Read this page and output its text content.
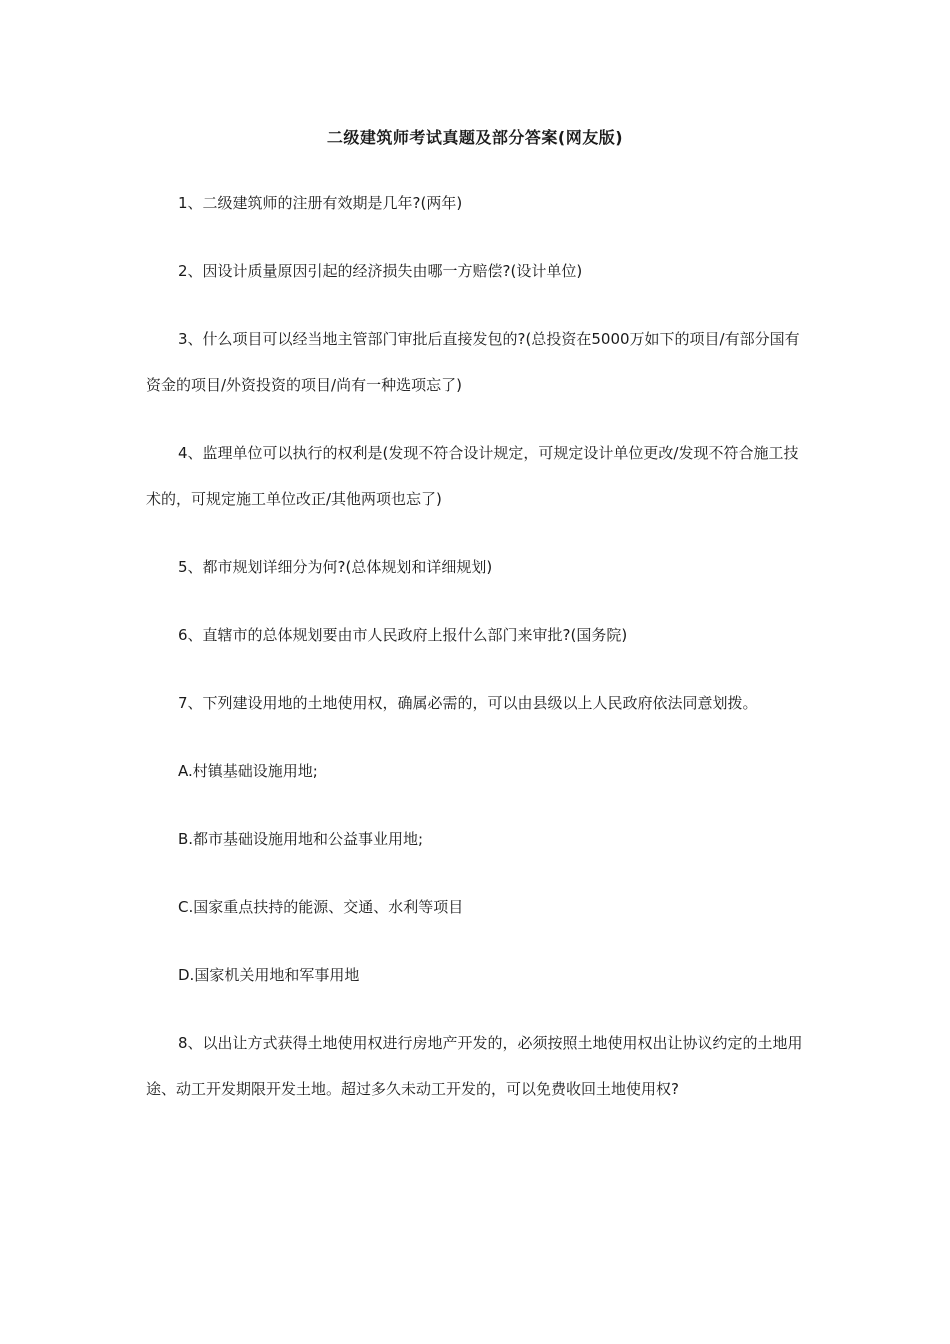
二级建筑师考试真题及部分答案(网友版)

1、二级建筑师的注册有效期是几年?(两年)

2、因设计质量原因引起的经济损失由哪一方赔偿?(设计单位)

3、什么项目可以经当地主管部门审批后直接发包的?(总投资在5000万如下的项目/有部分国有资金的项目/外资投资的项目/尚有一种选项忘了)

4、监理单位可以执行的权利是(发现不符合设计规定，可规定设计单位更改/发现不符合施工技术的，可规定施工单位改正/其他两项也忘了)

5、都市规划详细分为何?(总体规划和详细规划)

6、直辖市的总体规划要由市人民政府上报什么部门来审批?(国务院)

7、下列建设用地的土地使用权，确属必需的，可以由县级以上人民政府依法同意划拨。

A.村镇基础设施用地;

B.都市基础设施用地和公益事业用地;

C.国家重点扶持的能源、交通、水利等项目

D.国家机关用地和军事用地

8、以出让方式获得土地使用权进行房地产开发的，必须按照土地使用权出让协议约定的土地用途、动工开发期限开发土地。超过多久未动工开发的，可以免费收回土地使用权?
